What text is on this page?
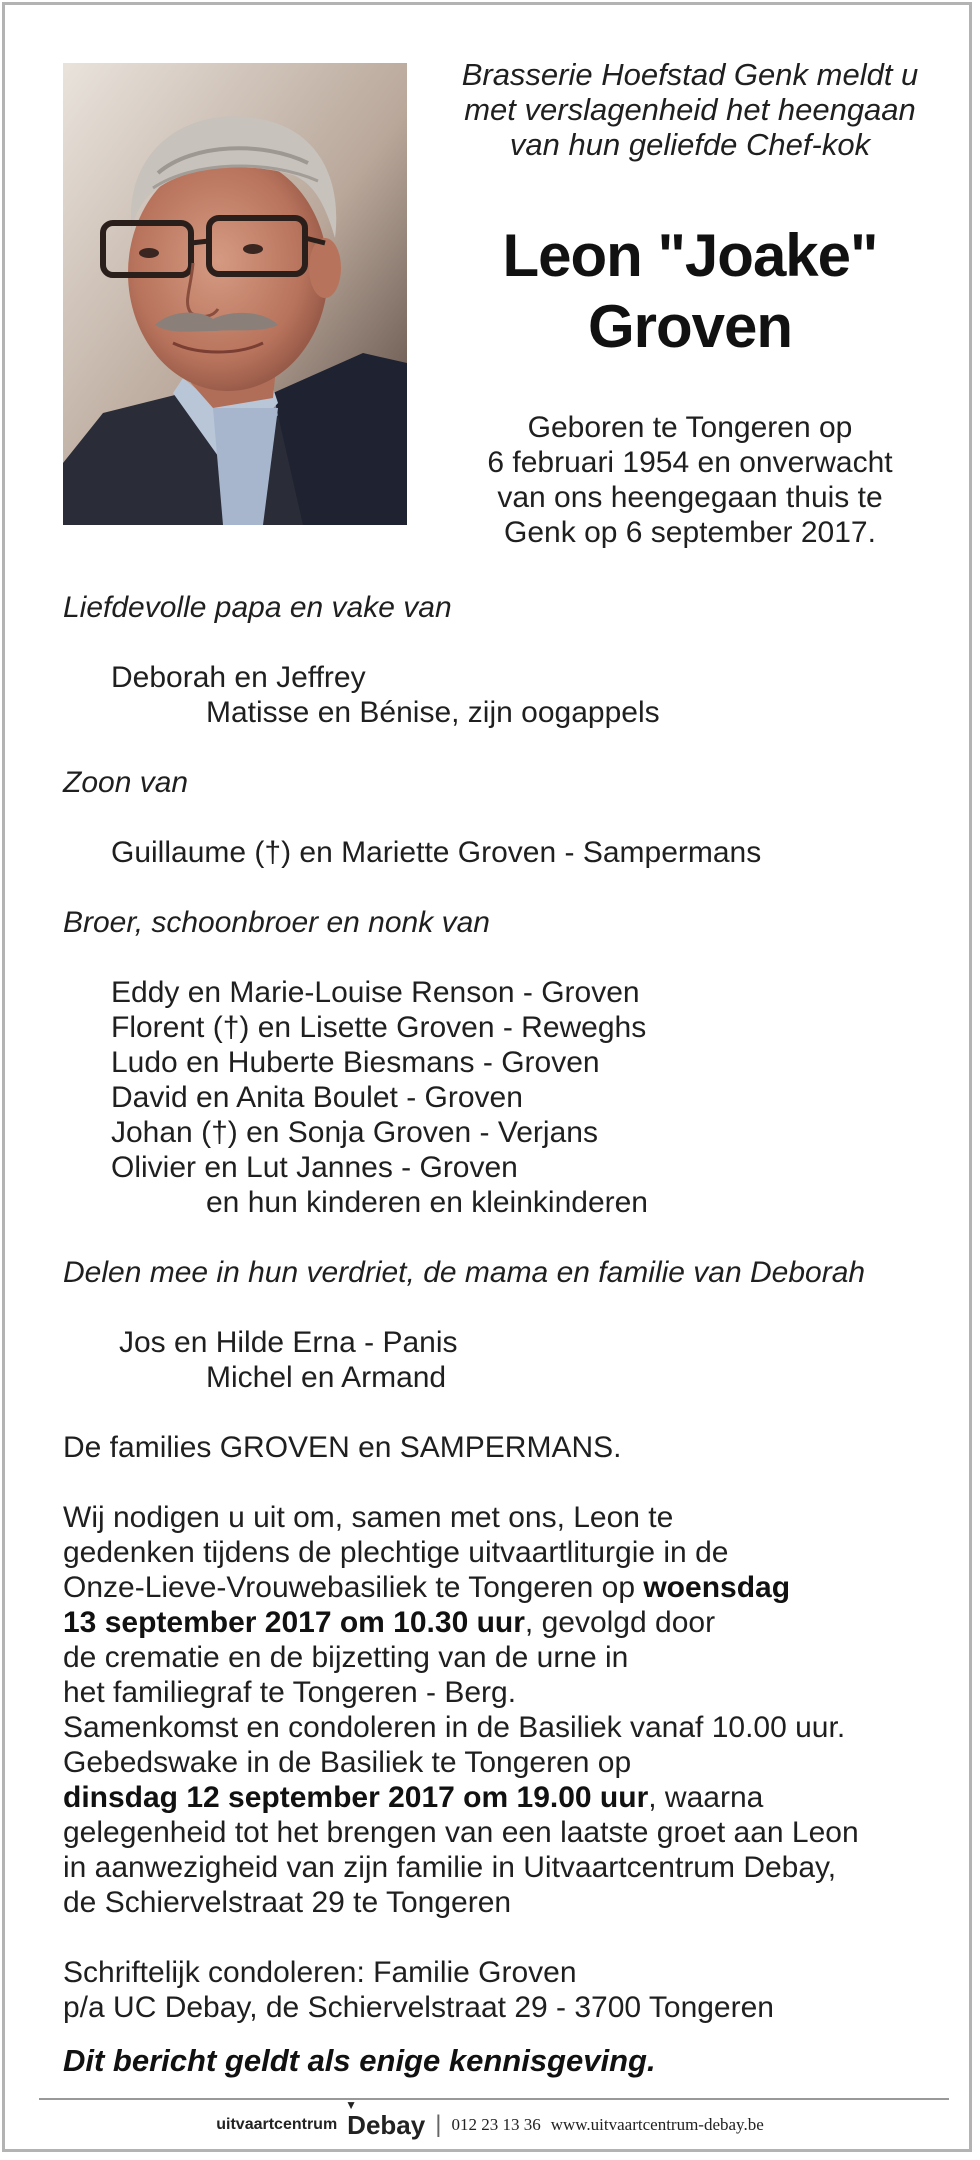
Brasserie Hoefstad Genk meldt u
met verslagenheid het heengaan
van hun geliefde Chef-kok
Leon "Joake"
Groven
Geboren te Tongeren op
6 februari 1954 en onverwacht
van ons heengegaan thuis te
Genk op 6 september 2017.
Liefdevolle papa en vake van
Deborah en Jeffrey
Matisse en Bénise, zijn oogappels
Zoon van
Guillaume (†) en Mariette Groven - Sampermans
Broer, schoonbroer en nonk van
Eddy en Marie-Louise Renson - Groven
Florent (†) en Lisette Groven - Reweghs
Ludo en Huberte Biesmans - Groven
David en Anita Boulet - Groven
Johan (†) en Sonja Groven - Verjans
Olivier en Lut Jannes - Groven
en hun kinderen en kleinkinderen
Delen mee in hun verdriet, de mama en familie van Deborah
Jos en Hilde Erna - Panis
Michel en Armand
De families GROVEN en SAMPERMANS.
Wij nodigen u uit om, samen met ons, Leon te
gedenken tijdens de plechtige uitvaartliturgie in de
Onze-Lieve-Vrouwebasiliek te Tongeren op woensdag
13 september 2017 om 10.30 uur, gevolgd door
de crematie en de bijzetting van de urne in
het familiegraf te Tongeren - Berg.
Samenkomst en condoleren in de Basiliek vanaf 10.00 uur.
Gebedswake in de Basiliek te Tongeren op
dinsdag 12 september 2017 om 19.00 uur, waarna
gelegenheid tot het brengen van een laatste groet aan Leon
in aanwezigheid van zijn familie in Uitvaartcentrum Debay,
de Schiervelstraat 29 te Tongeren
Schriftelijk condoleren: Familie Groven
p/a UC Debay, de Schiervelstraat 29 - 3700 Tongeren
Dit bericht geldt als enige kennisgeving.
uitvaartcentrum
▼
Debay | 012 23 13 36 www.uitvaartcentrum-debay.be
